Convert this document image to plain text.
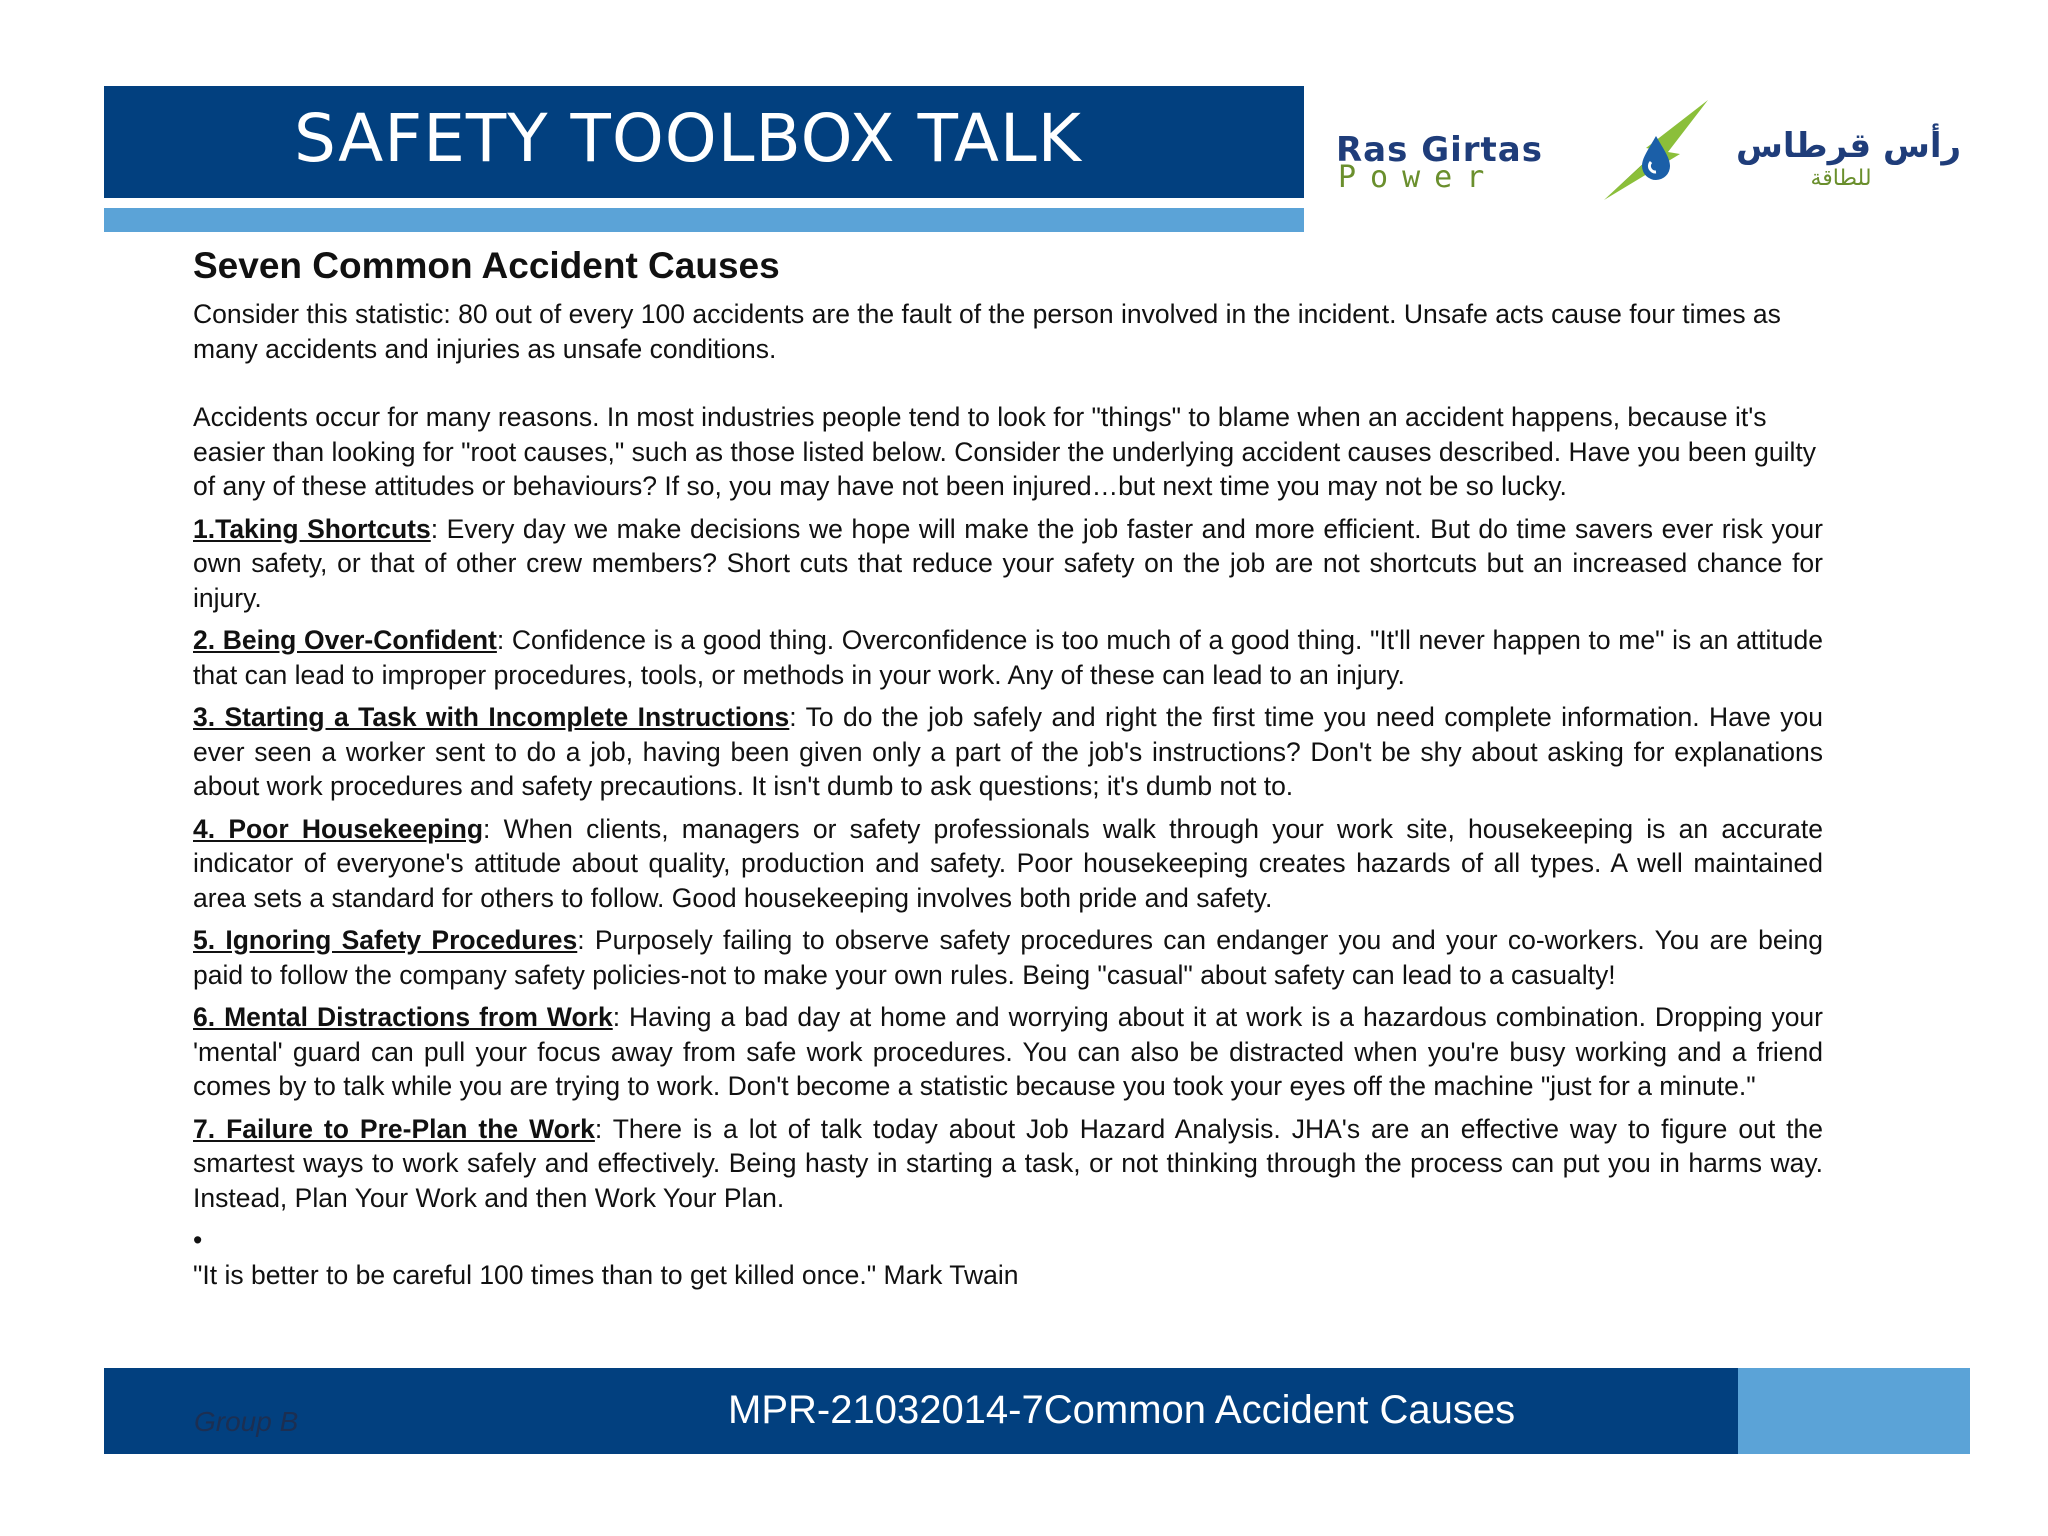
SAFETY TOOLBOX TALK	Ras Girtas
Power
رأس قرطاس
للطاقة
Seven Common Accident Causes
Consider this statistic: 80 out of every 100 accidents are the fault of the person involved in the incident. Unsafe acts cause four times as many accidents and injuries as unsafe conditions.
Accidents occur for many reasons. In most industries people tend to look for "things" to blame when an accident happens, because it's easier than looking for "root causes," such as those listed below. Consider the underlying accident causes described. Have you been guilty of any of these attitudes or behaviours? If so, you may have not been injured…but next time you may not be so lucky.
1.Taking Shortcuts: Every day we make decisions we hope will make the job faster and more efficient. But do time savers ever risk your own safety, or that of other crew members? Short cuts that reduce your safety on the job are not shortcuts but an increased chance for injury.
2. Being Over-Confident: Confidence is a good thing. Overconfidence is too much of a good thing. "It'll never happen to me" is an attitude that can lead to improper procedures, tools, or methods in your work. Any of these can lead to an injury.
3. Starting a Task with Incomplete Instructions: To do the job safely and right the first time you need complete information. Have you ever seen a worker sent to do a job, having been given only a part of the job's instructions? Don't be shy about asking for explanations about work procedures and safety precautions. It isn't dumb to ask questions; it's dumb not to.
4. Poor Housekeeping: When clients, managers or safety professionals walk through your work site, housekeeping is an accurate indicator of everyone's attitude about quality, production and safety. Poor housekeeping creates hazards of all types. A well maintained area sets a standard for others to follow. Good housekeeping involves both pride and safety.
5. Ignoring Safety Procedures: Purposely failing to observe safety procedures can endanger you and your co-workers. You are being paid to follow the company safety policies-not to make your own rules. Being "casual" about safety can lead to a casualty!
6. Mental Distractions from Work: Having a bad day at home and worrying about it at work is a hazardous combination. Dropping your 'mental' guard can pull your focus away from safe work procedures. You can also be distracted when you're busy working and a friend comes by to talk while you are trying to work. Don't become a statistic because you took your eyes off the machine "just for a minute."
7. Failure to Pre-Plan the Work: There is a lot of talk today about Job Hazard Analysis. JHA's are an effective way to figure out the smartest ways to work safely and effectively. Being hasty in starting a task, or not thinking through the process can put you in harms way. Instead, Plan Your Work and then Work Your Plan.
•
"It is better to be careful 100 times than to get killed once." Mark Twain
Group B	MPR-21032014-7Common Accident Causes
